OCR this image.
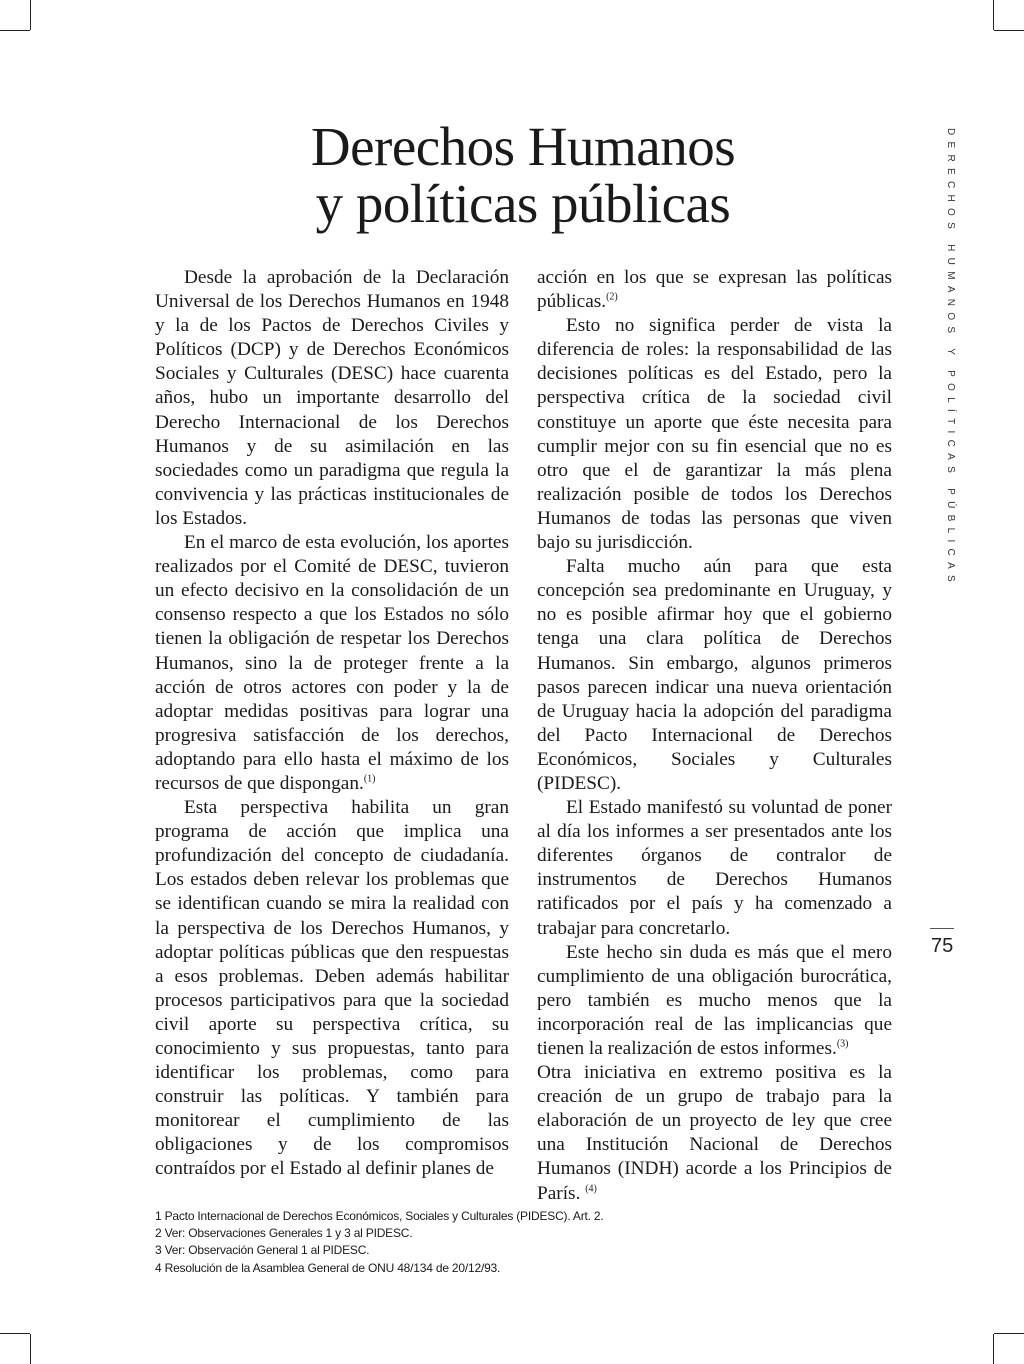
Derechos Humanos
y políticas públicas

Desde la aprobación de la Declaración Universal de los Derechos Humanos en 1948 y la de los Pactos de Derechos Civiles y Políticos (DCP) y de Derechos Económicos Sociales y Culturales (DESC) hace cuarenta años, hubo un importante desarrollo del Derecho Internacional de los Derechos Humanos y de su asimilación en las sociedades como un paradigma que regula la convivencia y las prácticas institucionales de los Estados.

En el marco de esta evolución, los aportes realizados por el Comité de DESC, tuvieron un efecto decisivo en la consolidación de un consenso respecto a que los Estados no sólo tienen la obligación de respetar los Derechos Humanos, sino la de proteger frente a la acción de otros actores con poder y la de adoptar medidas positivas para lograr una progresiva satisfacción de los derechos, adoptando para ello hasta el máximo de los recursos de que dispongan.$^{(1)}$

Esta perspectiva habilita un gran programa de acción que implica una profundización del concepto de ciudadanía. Los estados deben relevar los problemas que se identifican cuando se mira la realidad con la perspectiva de los Derechos Humanos, y adoptar políticas públicas que den respuestas a esos problemas. Deben además habilitar procesos participativos para que la sociedad civil aporte su perspectiva crítica, su conocimiento y sus propuestas, tanto para identificar los problemas, como para construir las políticas. Y también para monitorear el cumplimiento de las obligaciones y de los compromisos contraídos por el Estado al definir planes de

acción en los que se expresan las políticas públicas.$^{(2)}$

Esto no significa perder de vista la diferencia de roles: la responsabilidad de las decisiones políticas es del Estado, pero la perspectiva crítica de la sociedad civil constituye un aporte que éste necesita para cumplir mejor con su fin esencial que no es otro que el de garantizar la más plena realización posible de todos los Derechos Humanos de todas las personas que viven bajo su jurisdicción.

Falta mucho aún para que esta concepción sea predominante en Uruguay, y no es posible afirmar hoy que el gobierno tenga una clara política de Derechos Humanos. Sin embargo, algunos primeros pasos parecen indicar una nueva orientación de Uruguay hacia la adopción del paradigma del Pacto Internacional de Derechos Económicos, Sociales y Culturales (PIDESC).

El Estado manifestó su voluntad de poner al día los informes a ser presentados ante los diferentes órganos de contralor de instrumentos de Derechos Humanos ratificados por el país y ha comenzado a trabajar para concretarlo.

Este hecho sin duda es más que el mero cumplimiento de una obligación burocrática, pero también es mucho menos que la incorporación real de las implicancias que tienen la realización de estos informes.$^{(3)}$

Otra iniciativa en extremo positiva es la creación de un grupo de trabajo para la elaboración de un proyecto de ley que cree una Institución Nacional de Derechos Humanos (INDH) acorde a los Principios de París. $^{(4)}$

DERECHOS HUMANOS Y POLÍTICAS PÚBLICAS
75
1 Pacto Internacional de Derechos Económicos, Sociales y Culturales (PIDESC). Art. 2.
2 Ver: Observaciones Generales 1 y 3 al PIDESC.
3 Ver: Observación General 1 al PIDESC.
4 Resolución de la Asamblea General de ONU 48/134 de 20/12/93.
